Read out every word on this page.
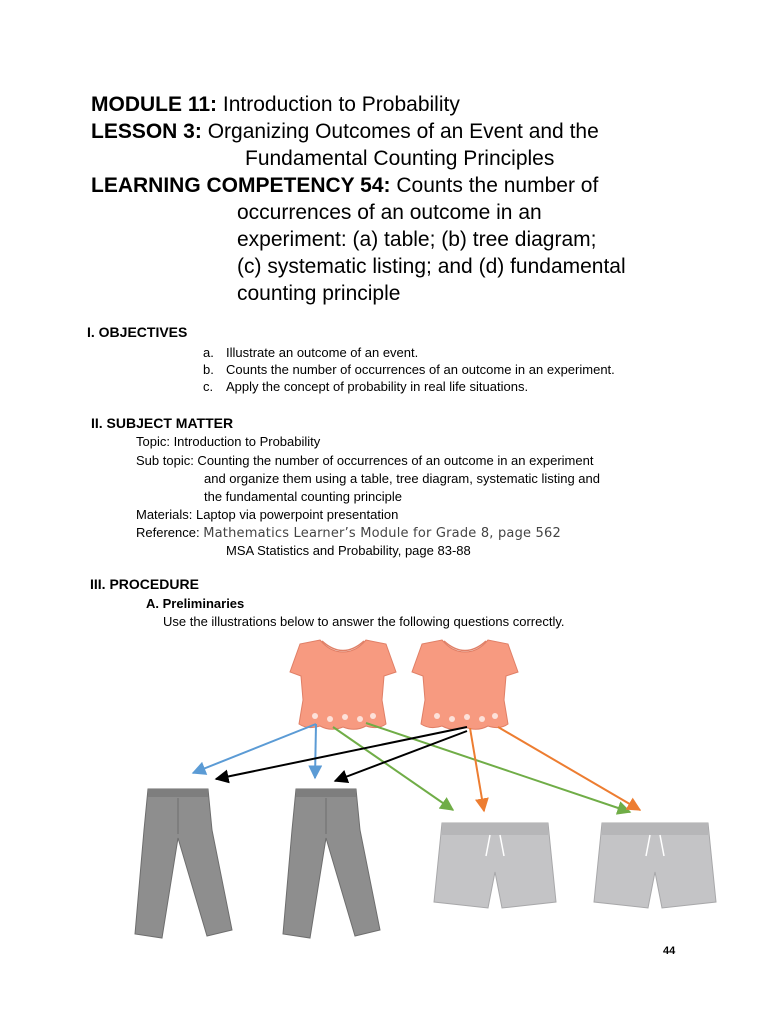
MODULE 11: Introduction to Probability
LESSON 3: Organizing Outcomes of an Event and the
Fundamental Counting Principles
LEARNING COMPETENCY 54: Counts the number of
occurrences of an outcome in an
experiment: (a) table; (b) tree diagram;
(c) systematic listing; and (d) fundamental
counting principle
I. OBJECTIVES
a. Illustrate an outcome of an event.
b. Counts the number of occurrences of an outcome in an experiment.
c. Apply the concept of probability in real life situations.
II. SUBJECT MATTER
Topic: Introduction to Probability
Sub topic: Counting the number of occurrences of an outcome in an experiment
and organize them using a table, tree diagram, systematic listing and
the fundamental counting principle
Materials: Laptop via powerpoint presentation
Reference: Mathematics Learner’s Module for Grade 8, page 562
MSA Statistics and Probability, page 83-88
III. PROCEDURE
A. Preliminaries
Use the illustrations below to answer the following questions correctly.
44
